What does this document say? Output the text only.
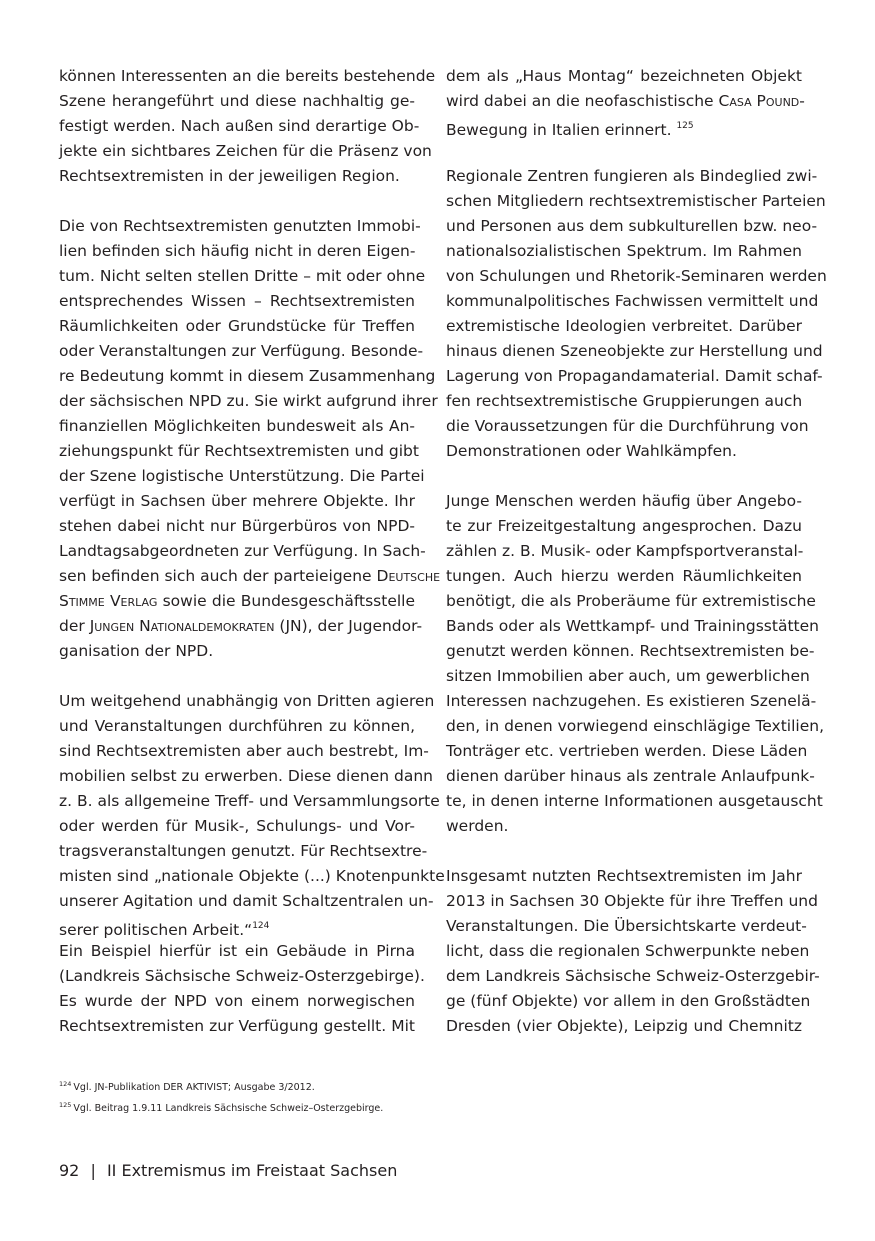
können Interessenten an die bereits bestehende
Szene herangeführt und diese nachhaltig ge-
festigt werden. Nach außen sind derartige Ob-
jekte ein sichtbares Zeichen für die Präsenz von
Rechtsextremisten in der jeweiligen Region.
Die von Rechtsextremisten genutzten Immobi-
lien befinden sich häufig nicht in deren Eigen-
tum. Nicht selten stellen Dritte – mit oder ohne
entsprechendes Wissen – Rechtsextremisten
Räumlichkeiten oder Grundstücke für Treffen
oder Veranstaltungen zur Verfügung. Besonde-
re Bedeutung kommt in diesem Zusammenhang
der sächsischen NPD zu. Sie wirkt aufgrund ihrer
finanziellen Möglichkeiten bundesweit als An-
ziehungspunkt für Rechtsextremisten und gibt
der Szene logistische Unterstützung. Die Partei
verfügt in Sachsen über mehrere Objekte. Ihr
stehen dabei nicht nur Bürgerbüros von NPD-
Landtagsabgeordneten zur Verfügung. In Sach-
sen befinden sich auch der parteieigene Deutsche
Stimme Verlag sowie die Bundesgeschäftsstelle
der Jungen Nationaldemokraten (JN), der Jugendor-
ganisation der NPD.
Um weitgehend unabhängig von Dritten agieren
und Veranstaltungen durchführen zu können,
sind Rechtsextremisten aber auch bestrebt, Im-
mobilien selbst zu erwerben. Diese dienen dann
z. B. als allgemeine Treff- und Versammlungsorte
oder werden für Musik-, Schulungs- und Vor-
tragsveranstaltungen genutzt. Für Rechtsextre-
misten sind „nationale Objekte (...) Knotenpunkte
unserer Agitation und damit Schaltzentralen un-
serer politischen Arbeit.“$^{124}$
Ein Beispiel hierfür ist ein Gebäude in Pirna
(Landkreis Sächsische Schweiz-Osterzgebirge).
Es wurde der NPD von einem norwegischen
Rechtsextremisten zur Verfügung gestellt. Mit
dem als „Haus Montag“ bezeichneten Objekt
wird dabei an die neofaschistische Casa Pound-
Bewegung in Italien erinnert. $^{125}$
Regionale Zentren fungieren als Bindeglied zwi-
schen Mitgliedern rechtsextremistischer Parteien
und Personen aus dem subkulturellen bzw. neo-
nationalsozialistischen Spektrum. Im Rahmen
von Schulungen und Rhetorik-Seminaren werden
kommunalpolitisches Fachwissen vermittelt und
extremistische Ideologien verbreitet. Darüber
hinaus dienen Szeneobjekte zur Herstellung und
Lagerung von Propagandamaterial. Damit schaf-
fen rechtsextremistische Gruppierungen auch
die Voraussetzungen für die Durchführung von
Demonstrationen oder Wahlkämpfen.
Junge Menschen werden häufig über Angebo-
te zur Freizeitgestaltung angesprochen. Dazu
zählen z. B. Musik- oder Kampfsportveranstal-
tungen. Auch hierzu werden Räumlichkeiten
benötigt, die als Proberäume für extremistische
Bands oder als Wettkampf- und Trainingsstätten
genutzt werden können. Rechtsextremisten be-
sitzen Immobilien aber auch, um gewerblichen
Interessen nachzugehen. Es existieren Szenelä-
den, in denen vorwiegend einschlägige Textilien,
Tonträger etc. vertrieben werden. Diese Läden
dienen darüber hinaus als zentrale Anlaufpunk-
te, in denen interne Informationen ausgetauscht
werden.
Insgesamt nutzten Rechtsextremisten im Jahr
2013 in Sachsen 30 Objekte für ihre Treffen und
Veranstaltungen. Die Übersichtskarte verdeut-
licht, dass die regionalen Schwerpunkte neben
dem Landkreis Sächsische Schweiz-Osterzgebir-
ge (fünf Objekte) vor allem in den Großstädten
Dresden (vier Objekte), Leipzig und Chemnitz
$^{124}$ Vgl. JN-Publikation DER AKTIVIST; Ausgabe 3/2012.
$^{125}$ Vgl. Beitrag 1.9.11 Landkreis Sächsische Schweiz–Osterzgebirge.
92 | II Extremismus im Freistaat Sachsen
